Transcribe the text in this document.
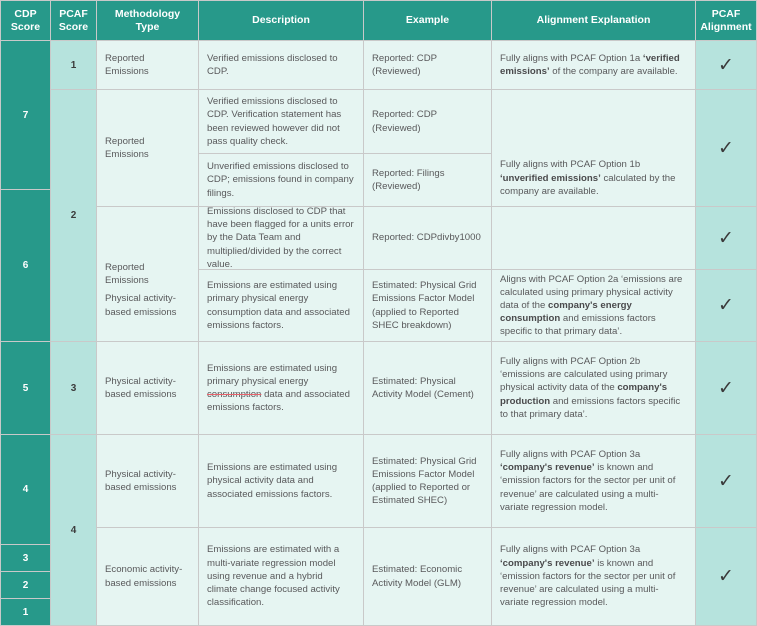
CDP
Score
PCAF
Score
Methodology
Type
Description	Example	Alignment Explanation
PCAF
Alignment
7
6
5
4
3
2
1
1
2
3
4
Reported Emissions
Reported Emissions
Reported Emissions
Physical activity-based emissions
Physical activity-based emissions
Physical activity-based emissions
Economic activity-based emissions
Verified emissions disclosed to CDP.
Verified emissions disclosed to CDP. Verification statement has been reviewed however did not pass quality check.
Unverified emissions disclosed to CDP; emissions found in company filings.
Emissions disclosed to CDP that have been flagged for a units error by the Data Team and multiplied/divided by the correct value.
Emissions are estimated using primary physical energy consumption data and associated emissions factors.
Emissions are estimated using primary physical energy consumption data and associated emissions factors.
Emissions are estimated using physical activity data and associated emissions factors.
Emissions are estimated with a multi-variate regression model using revenue and a hybrid climate change focused activity classification.
Reported: CDP (Reviewed)
Reported: CDP (Reviewed)
Reported: Filings (Reviewed)
Reported: CDPdivby1000
Estimated: Physical Grid Emissions Factor Model (applied to Reported SHEC breakdown)
Estimated: Physical Activity Model (Cement)
Estimated: Physical Grid Emissions Factor Model (applied to Reported or Estimated SHEC)
Estimated: Economic Activity Model (GLM)
Fully aligns with PCAF Option 1a ‘verified emissions’ of the company are available.
Fully aligns with PCAF Option 1b ‘unverified emissions’ calculated by the company are available.
Aligns with PCAF Option 2a ‘emissions are calculated using primary physical activity data of the company's energy consumption and emissions factors specific to that primary data’.
Fully aligns with PCAF Option 2b ‘emissions are calculated using primary physical activity data of the company's production and emissions factors specific to that primary data’.
Fully aligns with PCAF Option 3a ‘company's revenue’ is known and ‘emission factors for the sector per unit of revenue’ are calculated using a multi-variate regression model.
Fully aligns with PCAF Option 3a ‘company's revenue’ is known and ‘emission factors for the sector per unit of revenue’ are calculated using a multi-variate regression model.
✓
✓
✓
✓
✓
✓
✓
